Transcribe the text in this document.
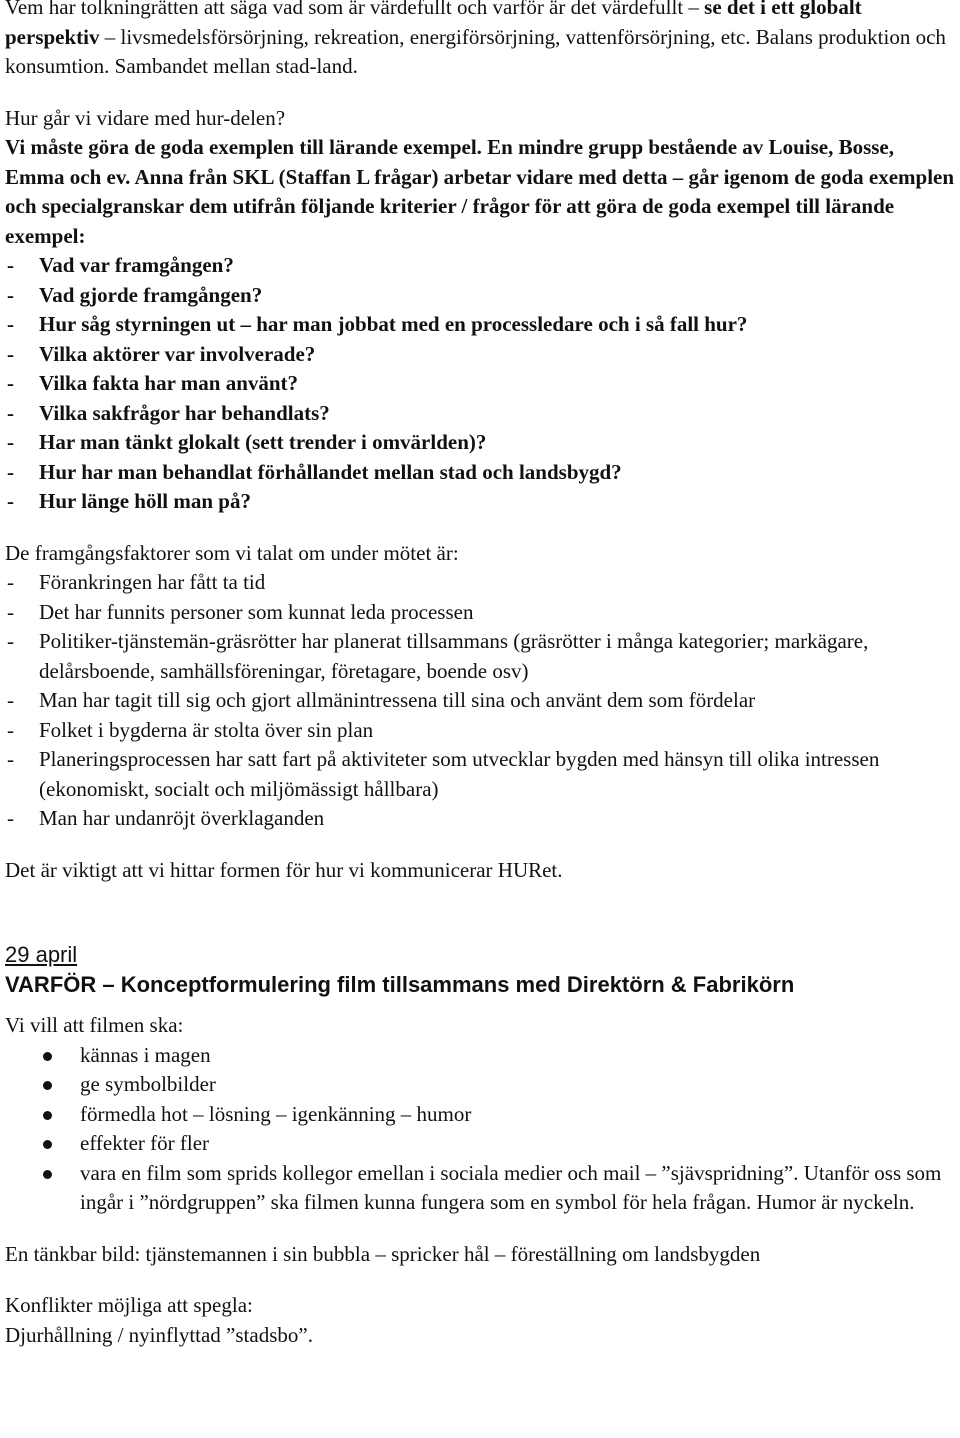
Vem har tolkningrätten att säga vad som är värdefullt och varför är det värdefullt – se det i ett globalt perspektiv – livsmedelsförsörjning, rekreation, energiförsörjning, vattenförsörjning, etc. Balans produktion och konsumtion. Sambandet mellan stad-land.

Hur går vi vidare med hur-delen?

Vi måste göra de goda exemplen till lärande exempel. En mindre grupp bestående av Louise, Bosse, Emma och ev. Anna från SKL (Staffan L frågar) arbetar vidare med detta – går igenom de goda exemplen och specialgranskar dem utifrån följande kriterier / frågor för att göra de goda exempel till lärande exempel:

-	Vad var framgången?
-	Vad gjorde framgången?
-	Hur såg styrningen ut – har man jobbat med en processledare och i så fall hur?
-	Vilka aktörer var involverade?
-	Vilka fakta har man använt?
-	Vilka sakfrågor har behandlats?
-	Har man tänkt glokalt (sett trender i omvärlden)?
-	Hur har man behandlat förhållandet mellan stad och landsbygd?
-	Hur länge höll man på?

De framgångsfaktorer som vi talat om under mötet är:

-	Förankringen har fått ta tid
-	Det har funnits personer som kunnat leda processen
-	Politiker-tjänstemän-gräsrötter har planerat tillsammans (gräsrötter i många kategorier; markägare, delårsboende, samhällsföreningar, företagare, boende osv)
-	Man har tagit till sig och gjort allmänintressena till sina och använt dem som fördelar
-	Folket i bygderna är stolta över sin plan
-	Planeringsprocessen har satt fart på aktiviteter som utvecklar bygden med hänsyn till olika intressen (ekonomiskt, socialt och miljömässigt hållbara)
-	Man har undanröjt överklaganden

Det är viktigt att vi hittar formen för hur vi kommunicerar HURet.

29 april

VARFÖR – Konceptformulering film tillsammans med Direktörn & Fabrikörn

Vi vill att filmen ska:

kännas i magen
ge symbolbilder
förmedla hot – lösning – igenkänning – humor
effekter för fler
vara en film som sprids kollegor emellan i sociala medier och mail – ”sjävspridning”. Utanför oss som ingår i ”nördgruppen” ska filmen kunna fungera som en symbol för hela frågan. Humor är nyckeln.

En tänkbar bild: tjänstemannen i sin bubbla – spricker hål – föreställning om landsbygden

Konflikter möjliga att spegla:

Djurhållning / nyinflyttad ”stadsbo”.
